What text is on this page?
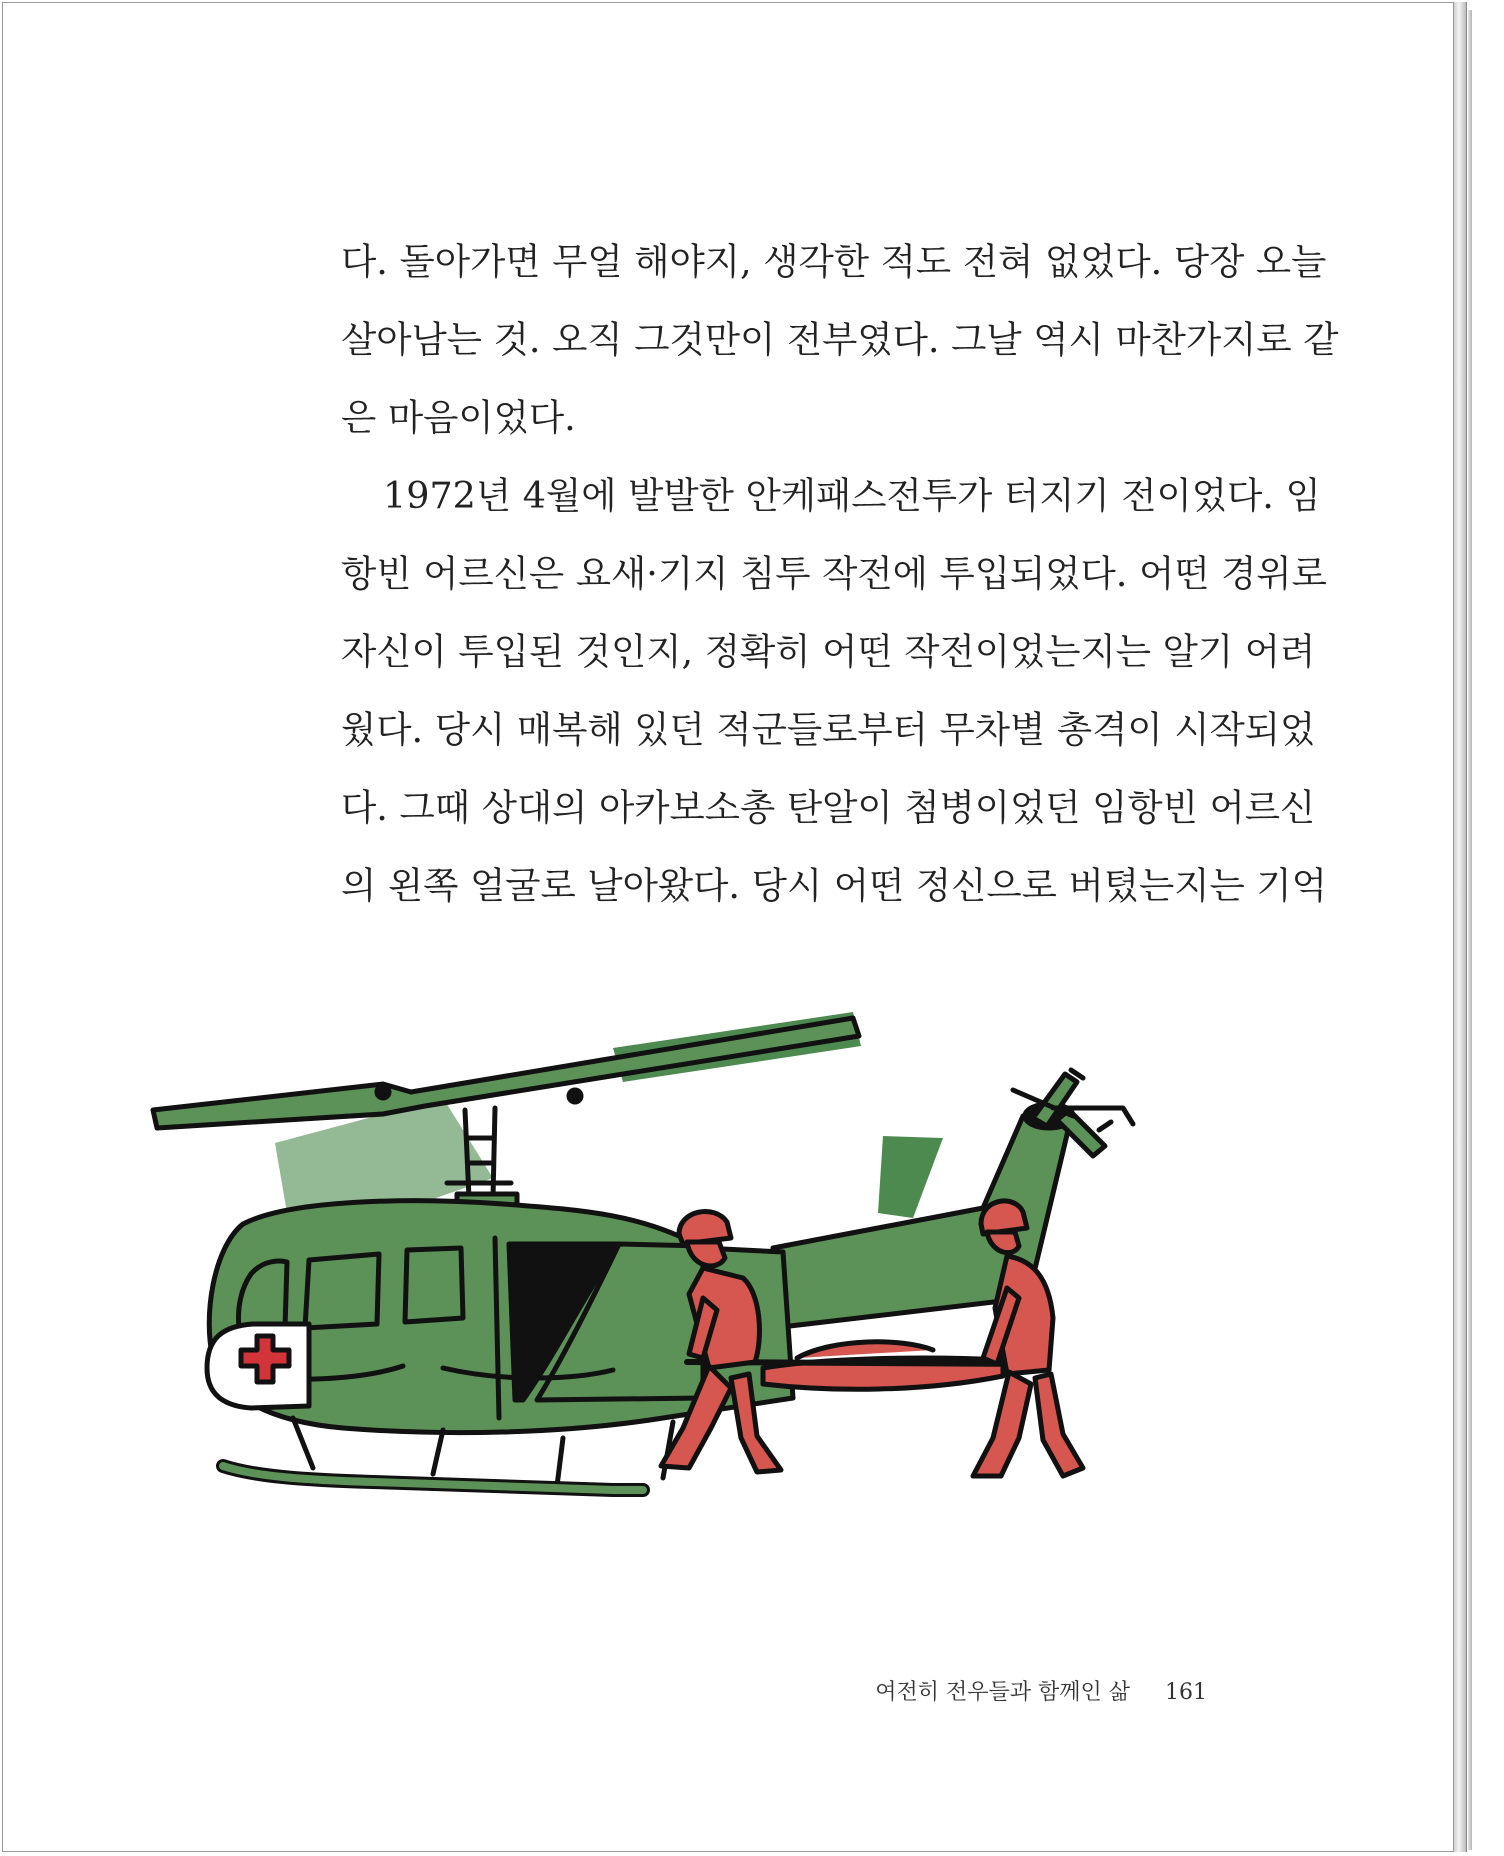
다. 돌아가면 무얼 해야지, 생각한 적도 전혀 없었다. 당장 오늘
살아남는 것. 오직 그것만이 전부였다. 그날 역시 마찬가지로 같
은 마음이었다.
1972년 4월에 발발한 안케패스전투가 터지기 전이었다. 임
항빈 어르신은 요새·기지 침투 작전에 투입되었다. 어떤 경위로
자신이 투입된 것인지, 정확히 어떤 작전이었는지는 알기 어려
웠다. 당시 매복해 있던 적군들로부터 무차별 총격이 시작되었
다. 그때 상대의 아카보소총 탄알이 첨병이었던 임항빈 어르신
의 왼쪽 얼굴로 날아왔다. 당시 어떤 정신으로 버텼는지는 기억
여전히 전우들과 함께인 삶 161
